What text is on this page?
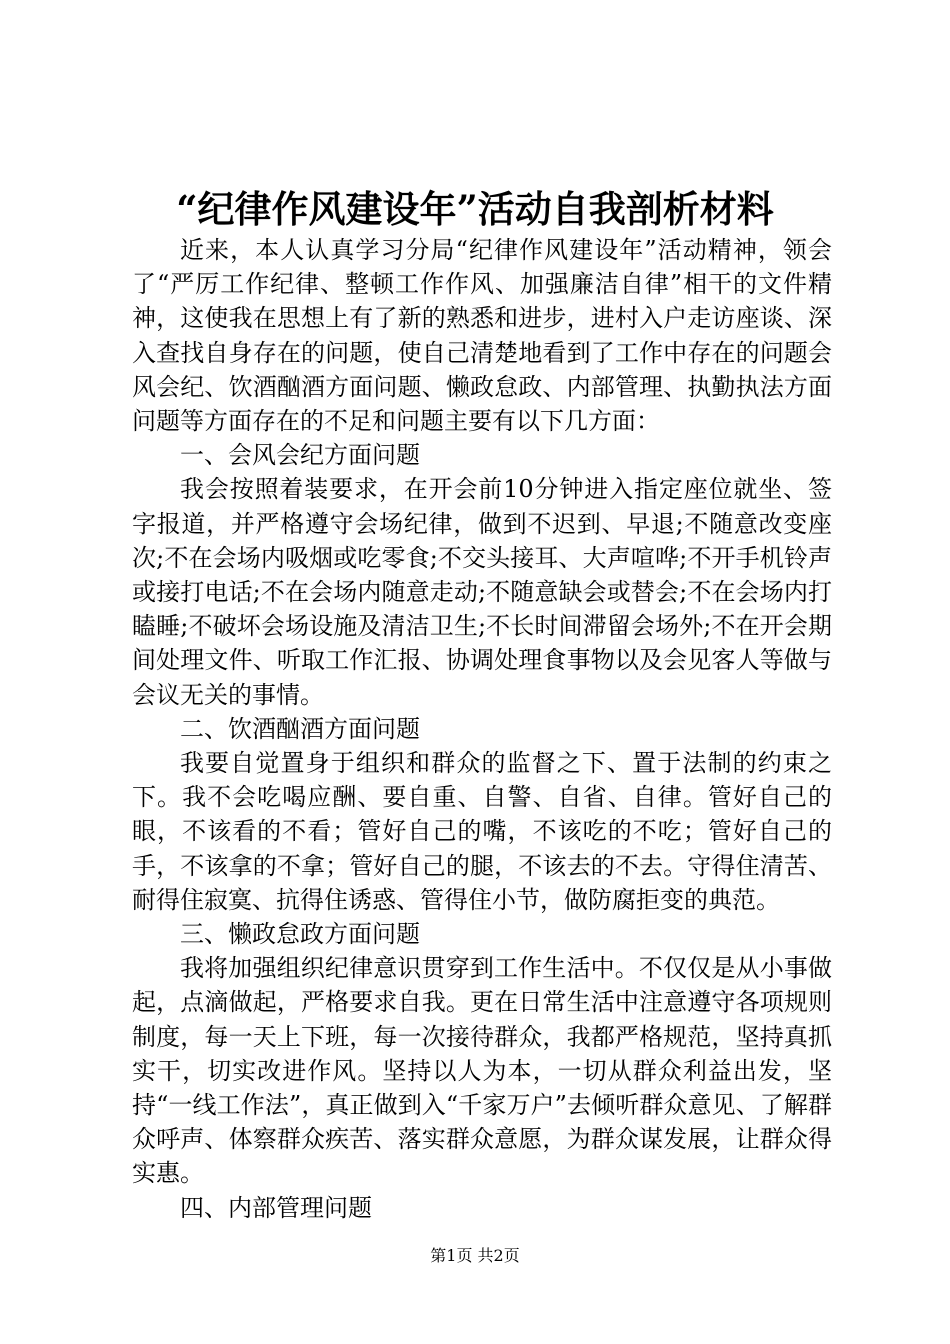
“纪律作风建设年”活动自我剖析材料

近来，本人认真学习分局“纪律作风建设年”活动精神，领会了“严厉工作纪律、整顿工作作风、加强廉洁自律”相干的文件精神，这使我在思想上有了新的熟悉和进步，进村入户走访座谈、深入查找自身存在的问题，使自己清楚地看到了工作中存在的问题会风会纪、饮酒酗酒方面问题、懒政怠政、内部管理、执勤执法方面问题等方面存在的不足和问题主要有以下几方面：

一、会风会纪方面问题

我会按照着装要求，在开会前10分钟进入指定座位就坐、签字报道，并严格遵守会场纪律，做到不迟到、早退;不随意改变座次;不在会场内吸烟或吃零食;不交头接耳、大声喧哗;不开手机铃声或接打电话;不在会场内随意走动;不随意缺会或替会;不在会场内打瞌睡;不破坏会场设施及清洁卫生;不长时间滞留会场外;不在开会期间处理文件、听取工作汇报、协调处理食事物以及会见客人等做与会议无关的事情。

二、饮酒酗酒方面问题

我要自觉置身于组织和群众的监督之下、置于法制的约束之下。我不会吃喝应酬、要自重、自警、自省、自律。管好自己的眼，不该看的不看；管好自己的嘴，不该吃的不吃；管好自己的手，不该拿的不拿；管好自己的腿，不该去的不去。守得住清苦、耐得住寂寞、抗得住诱惑、管得住小节，做防腐拒变的典范。

三、懒政怠政方面问题

我将加强组织纪律意识贯穿到工作生活中。不仅仅是从小事做起，点滴做起，严格要求自我。更在日常生活中注意遵守各项规则制度，每一天上下班，每一次接待群众，我都严格规范，坚持真抓实干，切实改进作风。坚持以人为本，一切从群众利益出发，坚持“一线工作法”，真正做到入“千家万户”去倾听群众意见、了解群众呼声、体察群众疾苦、落实群众意愿，为群众谋发展，让群众得实惠。

四、内部管理问题

第1页 共2页
